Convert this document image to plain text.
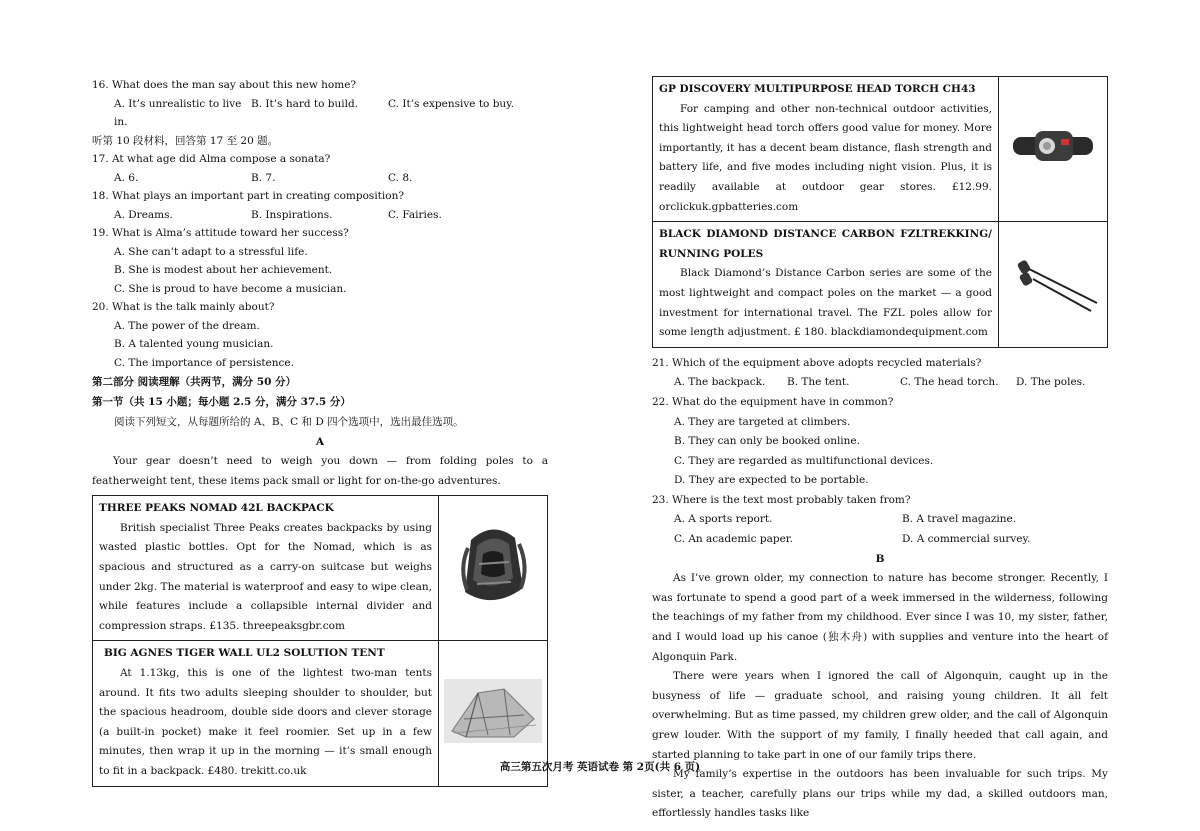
16. What does the man say about this new home?

A. It’s unrealistic to live in.
B. It’s hard to build.	C. It’s expensive to buy.

听第 10 段材料，回答第 17 至 20 题。

17. At what age did Alma compose a sonata?

A. 6.	B. 7.	C. 8.

18. What plays an important part in creating composition?

A. Dreams.	B. Inspirations.	C. Fairies.

19. What is Alma’s attitude toward her success?

A. She can’t adapt to a stressful life.

B. She is modest about her achievement.

C. She is proud to have become a musician.

20. What is the talk mainly about?

A. The power of the dream.

B. A talented young musician.

C. The importance of persistence.

第二部分 阅读理解（共两节，满分 50 分）

第一节（共 15 小题；每小题 2.5 分，满分 37.5 分）

阅读下列短文，从每题所给的 A、B、C 和 D 四个选项中，选出最佳选项。

A

Your gear doesn’t need to weigh you down — from folding poles to a featherweight tent, these items pack small or light for on-the-go adventures.

THREE PEAKS NOMAD 42L BACKPACK

British specialist Three Peaks creates backpacks by using wasted plastic bottles. Opt for the Nomad, which is as spacious and structured as a carry-on suitcase but weighs under 2kg. The material is waterproof and easy to wipe clean, while features include a collapsible internal divider and compression straps. £135. threepeaksgbr.com

BIG AGNES TIGER WALL UL2 SOLUTION TENT

At 1.13kg, this is one of the lightest two-man tents around. It fits two adults sleeping shoulder to shoulder, but the spacious headroom, double side doors and clever storage (a built-in pocket) make it feel roomier. Set up in a few minutes, then wrap it up in the morning — it’s small enough to fit in a backpack. £480. trekitt.co.uk

GP DISCOVERY MULTIPURPOSE HEAD TORCH CH43

For camping and other non-technical outdoor activities, this lightweight head torch offers good value for money. More importantly, it has a decent beam distance, flash strength and battery life, and five modes including night vision. Plus, it is readily available at outdoor gear stores. £12.99. orclickuk.gpbatteries.com

BLACK DIAMOND DISTANCE CARBON FZLTREKKING/ RUNNING POLES

Black Diamond’s Distance Carbon series are some of the most lightweight and compact poles on the market — a good investment for international travel. The FZL poles allow for some length adjustment. £ 180. blackdiamondequipment.com

21. Which of the equipment above adopts recycled materials?

A. The backpack.	B. The tent.	C. The head torch.	D. The poles.

22. What do the equipment have in common?

A. They are targeted at climbers.

B. They can only be booked online.

C. They are regarded as multifunctional devices.

D. They are expected to be portable.

23. Where is the text most probably taken from?

A. A sports report.	B. A travel magazine.
C. An academic paper.	D. A commercial survey.

B

As I’ve grown older, my connection to nature has become stronger. Recently, I was fortunate to spend a good part of a week immersed in the wilderness, following the teachings of my father from my childhood. Ever since I was 10, my sister, father, and I would load up his canoe (独木舟) with supplies and venture into the heart of Algonquin Park.

There were years when I ignored the call of Algonquin, caught up in the busyness of life — graduate school, and raising young children. It all felt overwhelming. But as time passed, my children grew older, and the call of Algonquin grew louder. With the support of my family, I finally heeded that call again, and started planning to take part in one of our family trips there.

My family’s expertise in the outdoors has been invaluable for such trips. My sister, a teacher, carefully plans our trips while my dad, a skilled outdoors man, effortlessly handles tasks like

高三第五次月考 英语试卷 第 2页(共 6 页)
